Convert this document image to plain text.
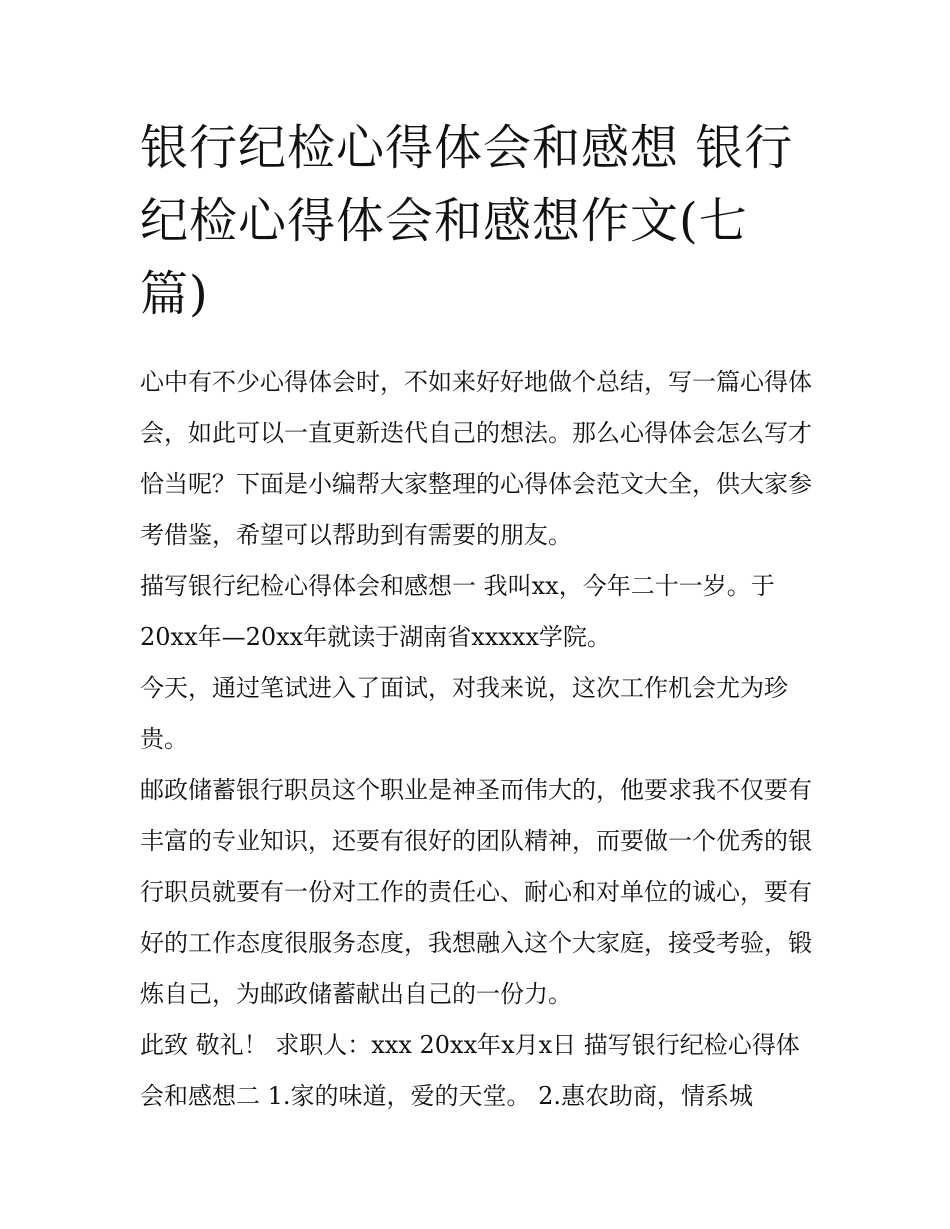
银行纪检心得体会和感想 银行纪检心得体会和感想作文(七篇)

心中有不少心得体会时，不如来好好地做个总结，写一篇心得体会，如此可以一直更新迭代自己的想法。那么心得体会怎么写才恰当呢？下面是小编帮大家整理的心得体会范文大全，供大家参考借鉴，希望可以帮助到有需要的朋友。

描写银行纪检心得体会和感想一 我叫xx，今年二十一岁。于20xx年—20xx年就读于湖南省xxxxx学院。

今天，通过笔试进入了面试，对我来说，这次工作机会尤为珍贵。

邮政储蓄银行职员这个职业是神圣而伟大的，他要求我不仅要有丰富的专业知识，还要有很好的团队精神，而要做一个优秀的银行职员就要有一份对工作的责任心、耐心和对单位的诚心，要有好的工作态度很服务态度，我想融入这个大家庭，接受考验，锻炼自己，为邮政储蓄献出自己的一份力。

此致 敬礼！ 求职人：xxx 20xx年x月x日 描写银行纪检心得体会和感想二 1.家的味道，爱的天堂。 2.惠农助商，情系城
